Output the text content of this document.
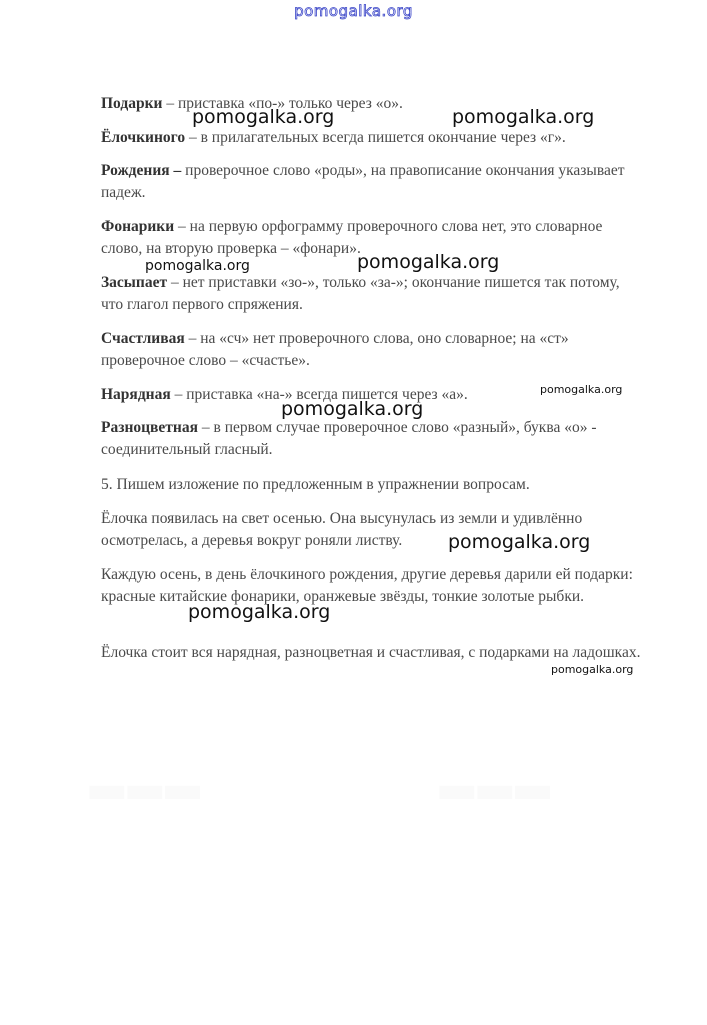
pomogalka.org

Подарки – приставка «по-» только через «о».

Ёлочкиного – в прилагательных всегда пишется окончание через «г».

Рождения – проверочное слово «роды», на правописание окончания указывает падеж.

Фонарики – на первую орфограмму проверочного слова нет, это словарное слово, на вторую проверка – «фонари».

Засыпает – нет приставки «зо-», только «за-»; окончание пишется так потому, что глагол первого спряжения.

Счастливая – на «сч» нет проверочного слова, оно словарное; на «ст» проверочное слово – «счастье».

Нарядная – приставка «на-» всегда пишется через «а».

Разноцветная – в первом случае проверочное слово «разный», буква «о» - соединительный гласный.

5. Пишем изложение по предложенным в упражнении вопросам.

Ёлочка появилась на свет осенью. Она высунулась из земли и удивлённо осмотрелась, а деревья вокруг роняли листву.

Каждую осень, в день ёлочкиного рождения, другие деревья дарили ей подарки: красные китайские фонарики, оранжевые звёзды, тонкие золотые рыбки.

Ёлочка стоит вся нарядная, разноцветная и счастливая, с подарками на ладошках.

pomogalka.org	pomogalka.org
pomogalka.org	pomogalka.org
pomogalka.org
pomogalka.org
pomogalka.org
pomogalka.org
pomogalka.org
▂▂▂	▂▂▂
